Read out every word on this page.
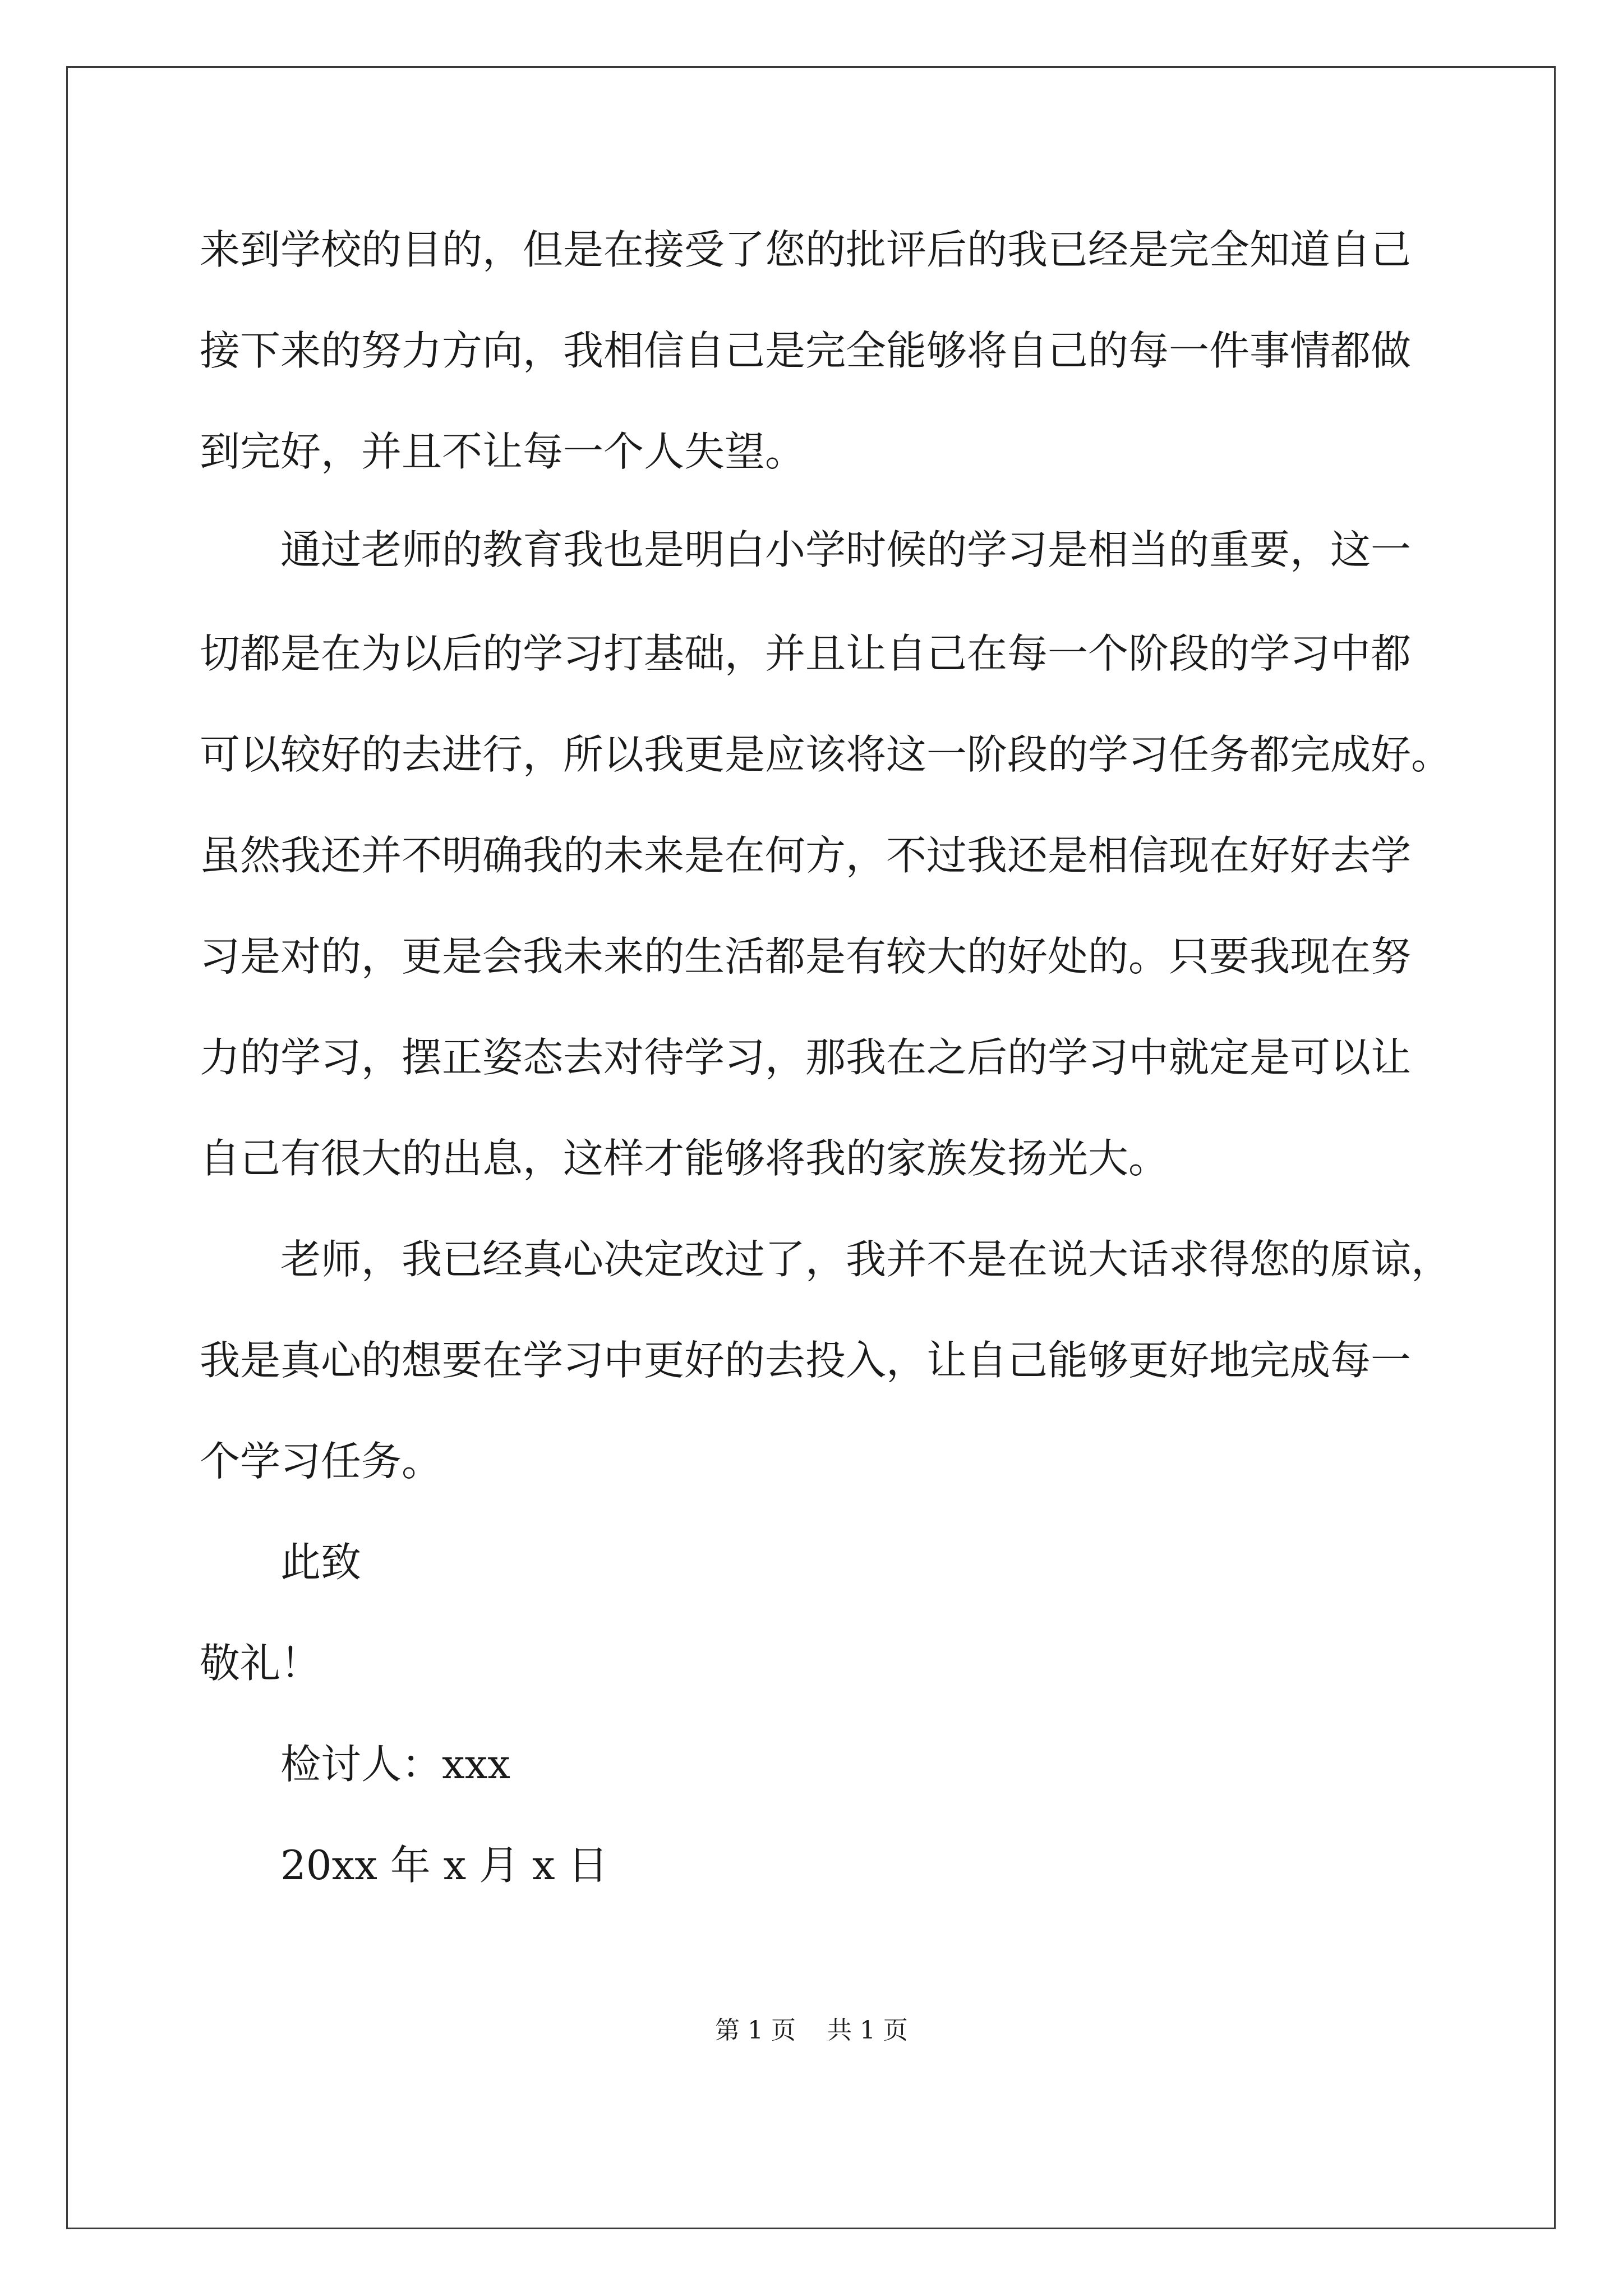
来到学校的目的，但是在接受了您的批评后的我已经是完全知道自己

接下来的努力方向，我相信自己是完全能够将自己的每一件事情都做

到完好，并且不让每一个人失望。

通过老师的教育我也是明白小学时候的学习是相当的重要，这一

切都是在为以后的学习打基础，并且让自己在每一个阶段的学习中都

可以较好的去进行，所以我更是应该将这一阶段的学习任务都完成好。

虽然我还并不明确我的未来是在何方，不过我还是相信现在好好去学

习是对的，更是会我未来的生活都是有较大的好处的。只要我现在努

力的学习，摆正姿态去对待学习，那我在之后的学习中就定是可以让

自己有很大的出息，这样才能够将我的家族发扬光大。

老师，我已经真心决定改过了，我并不是在说大话求得您的原谅，

我是真心的想要在学习中更好的去投入，让自己能够更好地完成每一

个学习任务。

此致

敬礼！

检讨人：xxx

20xx 年 x 月 x 日

第 1 页    共 1 页
